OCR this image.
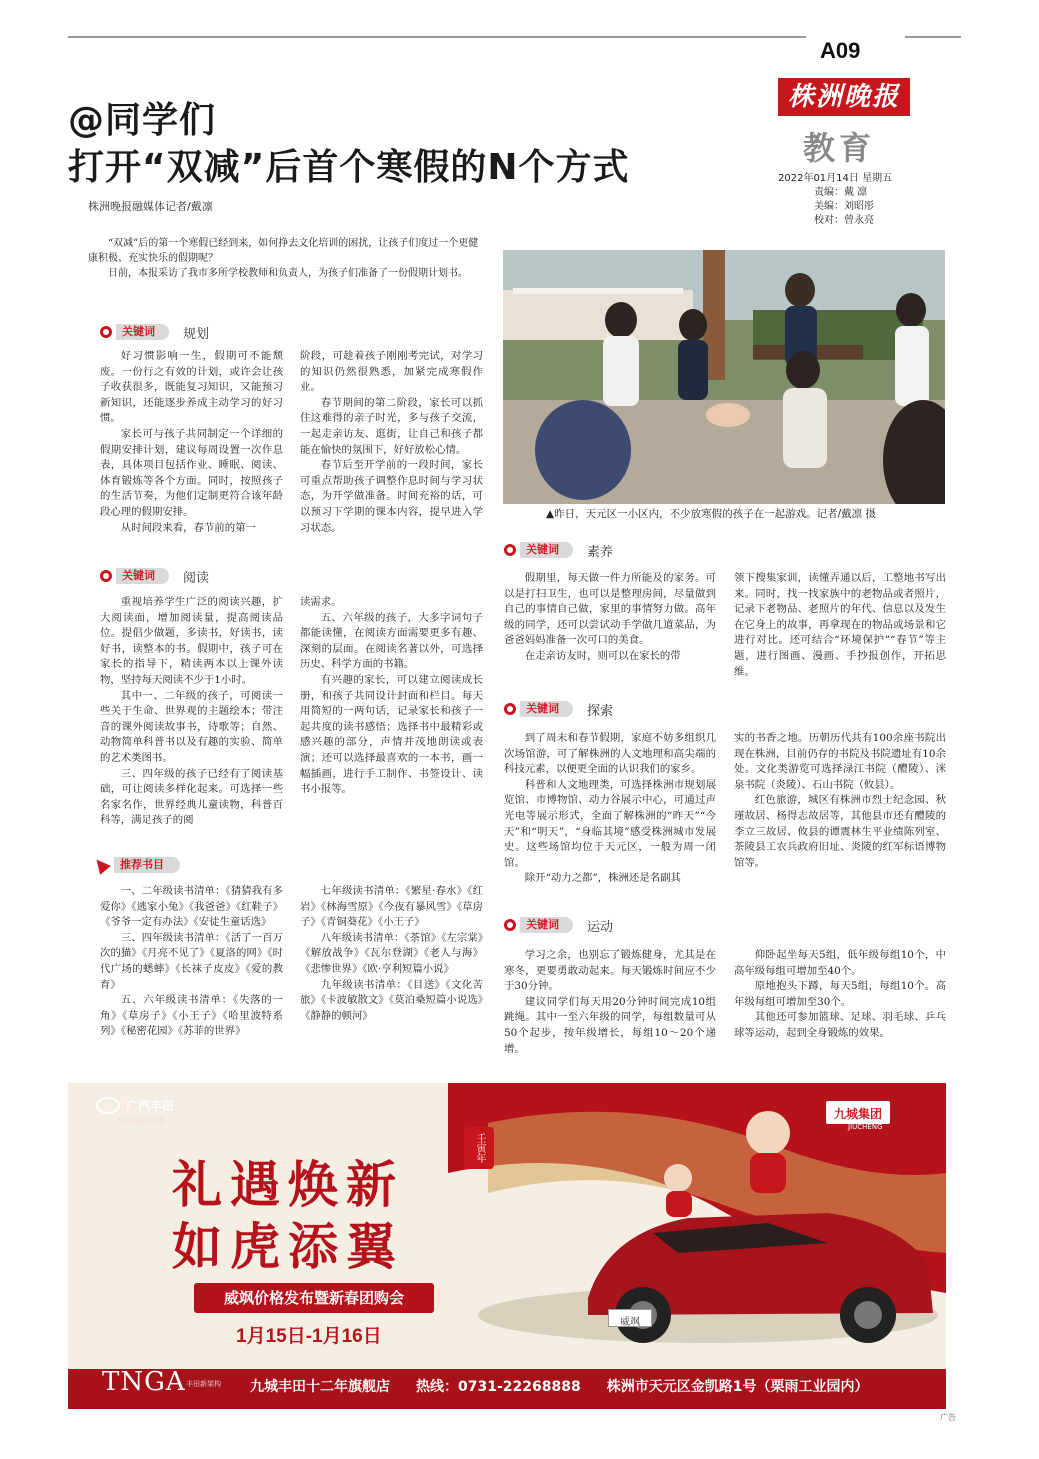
A09
株洲晚报
教育
2022年01月14日 星期五
责编：戴 凛
美编：刘昭彤
校对：曾永亮
@同学们
打开“双减”后首个寒假的N个方式
株洲晚报融媒体记者/戴凛

“双减”后的第一个寒假已经到来，如何挣去文化培训的困扰，让孩子们度过一个更健康积极、充实快乐的假期呢？

日前，本报采访了我市多所学校教师和负责人，为孩子们准备了一份假期计划书。

▲昨日，天元区一小区内，不少放寒假的孩子在一起游戏。记者/戴凛 摄
关键词	规划

好习惯影响一生，假期可不能颓废。一份行之有效的计划，或许会让孩子收获很多，既能复习知识，又能预习新知识，还能逐步养成主动学习的好习惯。

家长可与孩子共同制定一个详细的假期安排计划，建议每周设置一次作息表，具体项目包括作业、睡眠、阅读、体育锻炼等各个方面。同时，按照孩子的生活节奏，为他们定制更符合该年龄段心理的假期安排。

从时间段来看，春节前的第一

阶段，可趁着孩子刚刚考完试，对学习的知识仍然很熟悉，加紧完成寒假作业。

春节期间的第二阶段，家长可以抓住这难得的亲子时光，多与孩子交流，一起走亲访友、逛街，让自己和孩子都能在愉快的氛围下，好好放松心情。

春节后至开学前的一段时间，家长可重点帮助孩子调整作息时间与学习状态，为开学做准备。时间充裕的话，可以预习下学期的课本内容，提早进入学习状态。

关键词	阅读

重视培养学生广泛的阅读兴趣，扩大阅读面，增加阅读量，提高阅读品位。提倡少做题，多读书，好读书，读好书，读整本的书。假期中，孩子可在家长的指导下，精读两本以上课外读物，坚持每天阅读不少于1小时。

其中一、二年级的孩子，可阅读一些关于生命、世界观的主题绘本；带注音的课外阅读故事书，诗歌等；自然、动物简单科普书以及有趣的实验、简单的艺术类图书。

三、四年级的孩子已经有了阅读基础，可让阅读多样化起来。可选择一些名家名作，世界经典儿童读物，科普百科等，满足孩子的阅

读需求。

五、六年级的孩子，大多字词句子都能读懂，在阅读方面需要更多有趣、深刻的层面。在阅读名著以外，可选择历史、科学方面的书籍。

有兴趣的家长，可以建立阅读成长册，和孩子共同设计封面和栏目。每天用简短的一两句话，记录家长和孩子一起共度的读书感悟；选择书中最精彩或感兴趣的部分，声情并茂地朗读或表演；还可以选择最喜欢的一本书，画一幅插画，进行手工制作、书签设计、读书小报等。

推荐书目

一、二年级读书清单：《猜猜我有多爱你》《逃家小兔》《我爸爸》《红鞋子》《爷爷一定有办法》《安徒生童话选》

三、四年级读书清单：《活了一百万次的猫》《月亮不见了》《夏洛的网》《时代广场的蟋蟀》《长袜子皮皮》《爱的教育》

五、六年级读书清单：《失落的一角》《草房子》《小王子》《哈里波特系列》《秘密花园》《苏菲的世界》

七年级读书清单：《繁星·春水》《红岩》《林海雪原》《今夜有暴风雪》《草房子》《青铜葵花》《小王子》

八年级读书清单：《茶馆》《左宗棠》《解放战争》《瓦尔登湖》《老人与海》《悲惨世界》《欧·亨利短篇小说》

九年级读书清单：《目送》《文化苦旅》《卡波敏散文》《莫泊桑短篇小说选》《静静的顿河》

关键词	素养

假期里，每天做一件力所能及的家务。可以是打扫卫生，也可以是整理房间，尽量做到自己的事情自己做，家里的事情努力做。高年级的同学，还可以尝试动手学做几道菜品，为爸爸妈妈准备一次可口的美食。

在走亲访友时，则可以在家长的带

领下搜集家训，读懂弄通以后，工整地书写出来。同时，找一找家族中的老物品或者照片，记录下老物品、老照片的年代、信息以及发生在它身上的故事，再拿现在的物品或场景和它进行对比。还可结合“环境保护”“春节”等主题，进行图画、漫画、手抄报创作，开拓思维。

关键词	探索

到了周末和春节假期，家庭不妨多组织几次场馆游，可了解株洲的人文地理和高尖端的科技元素，以便更全面的认识我们的家乡。

科普和人文地理类，可选择株洲市规划展览馆、市博物馆、动力谷展示中心，可通过声光电等展示形式，全面了解株洲的“昨天”“今天”和“明天”，“身临其境”感受株洲城市发展史。这些场馆均位于天元区，一般为周一闭馆。

除开“动力之都”，株洲还是名副其

实的书香之地。历朝历代共有100余座书院出现在株洲，目前仍存的书院及书院遗址有10余处。文化类游览可选择渌江书院（醴陵）、洣泉书院（炎陵）、石山书院（攸县）。

红色旅游，城区有株洲市烈士纪念园、秋瑾故居、杨得志故居等，其他县市还有醴陵的李立三故居、攸县的谭震林生平业绩陈列室、茶陵县工农兵政府旧址、炎陵的红军标语博物馆等。

关键词	运动

学习之余，也别忘了锻炼健身，尤其是在寒冬，更要勇敢动起来。每天锻炼时间应不少于30分钟。

建议同学们每天用20分钟时间完成10组跳绳。其中一至六年级的同学，每组数量可从50个起步，按年级增长，每组10～20个递增。

仰卧起坐每天5组，低年级每组10个，中高年级每组可增加至40个。

原地抱头下蹲，每天5组，每组10个。高年级每组可增加至30个。

其他还可参加篮球、足球、羽毛球、乒乓球等运动，起到全身锻炼的效果。

广汽丰田
启动感动世界	九城集团
JIUCHENG
壬寅年
礼遇焕新
如虎添翼
威飒价格发布暨新春团购会
1月15日-1月16日
威飒
TNGA 丰田新架构 九城丰田十二年旗舰店 热线：0731-22268888 株洲市天元区金凯路1号（栗雨工业园内）
广告
